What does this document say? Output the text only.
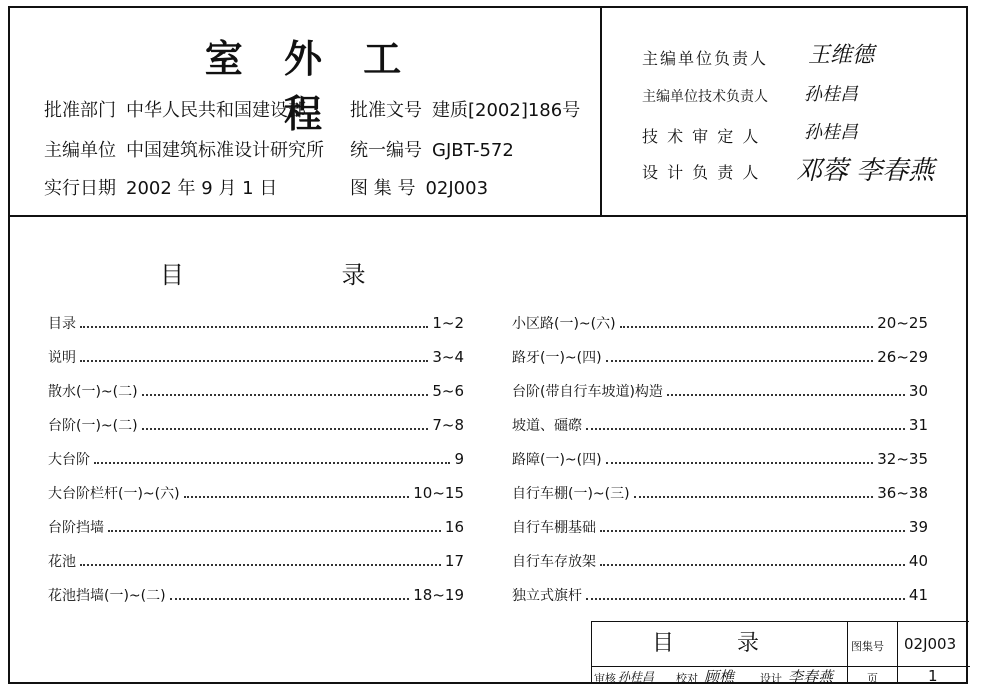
室 外 工 程
批准部门 中华人民共和国建设部 批准文号 建质[2002]186号
主编单位 中国建筑标准设计研究所 统一编号 GJBT-572
实行日期 2002 年 9 月 1 日	图 集 号 02J003
主编单位负责人	王维德
主编单位技术负责人	孙桂昌
技 术 审 定 人	孙桂昌
设 计 负 责 人	邓蓉 李春燕
目	录
目录	1~2
说明	3~4
散水(一)~(二)	5~6
台阶(一)~(二)	7~8
大台阶	9
大台阶栏杆(一)~(六)	10~15
台阶挡墙	16
花池	17
花池挡墙(一)~(二)	18~19
小区路(一)~(六)	20~25
路牙(一)~(四)	26~29
台阶(带自行车坡道)构造	30
坡道、礓磜	31
路障(一)~(四)	32~35
自行车棚(一)~(三)	36~38
自行车棚基础	39
自行车存放架	40
独立式旗杆	41
目 录	图集号 02J003
页	1
审核 孙桂昌 校对 顾樵 设计 李春燕
